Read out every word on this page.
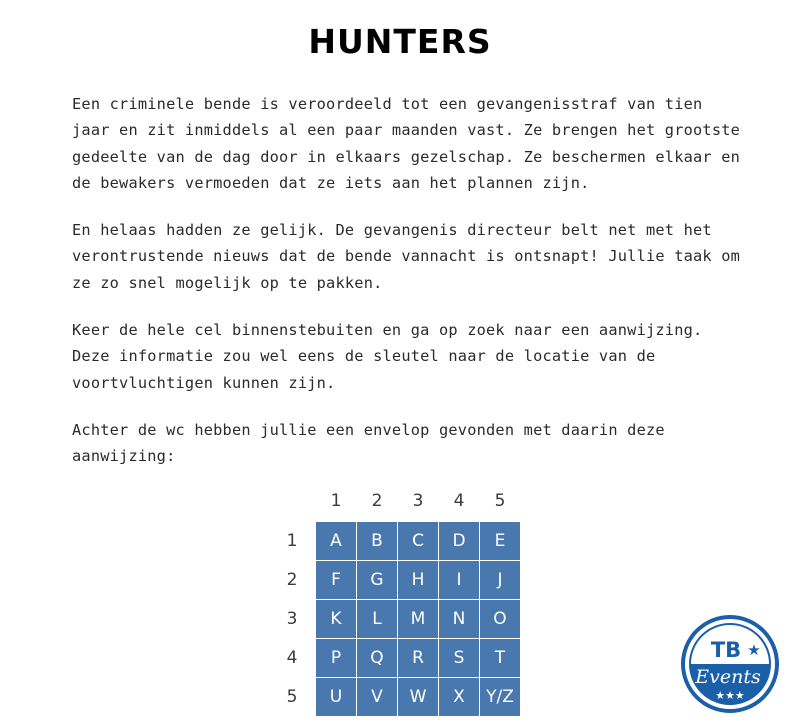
HUNTERS

Een criminele bende is veroordeeld tot een gevangenisstraf van tien jaar en zit inmiddels al een paar maanden vast. Ze brengen het grootste gedeelte van de dag door in elkaars gezelschap. Ze beschermen elkaar en de bewakers vermoeden dat ze iets aan het plannen zijn.

En helaas hadden ze gelijk. De gevangenis directeur belt net met het verontrustende nieuws dat de bende vannacht is ontsnapt! Jullie taak om ze zo snel mogelijk op te pakken.

Keer de hele cel binnenstebuiten en ga op zoek naar een aanwijzing. Deze informatie zou wel eens de sleutel naar de locatie van de voortvluchtigen kunnen zijn.

Achter de wc hebben jullie een envelop gevonden met daarin deze aanwijzing:

	1	2	3	4	5
1	A	B	C	D	E
2	F	G	H	I	J
3	K	L	M	N	O
4	P	Q	R	S	T
5	U	V	W	X	Y/Z
TB
Events
★
★★★
